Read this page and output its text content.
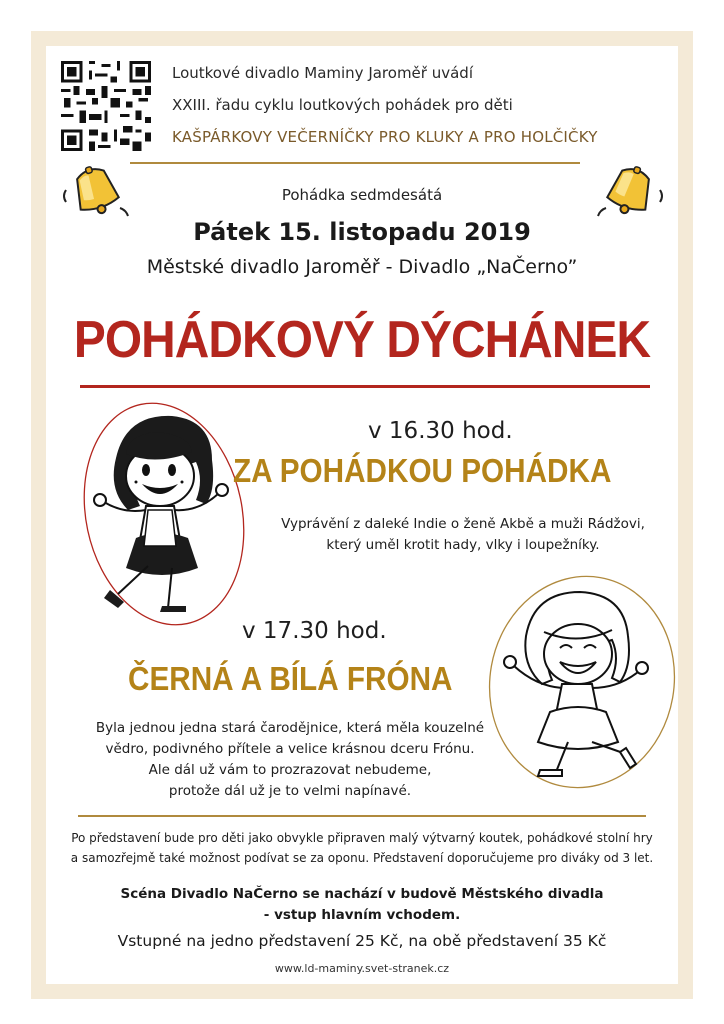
Loutkové divadlo Maminy Jaroměř uvádí
XXIII. řadu cyklu loutkových pohádek pro děti
KAŠPÁRKOVY VEČERNÍČKY PRO KLUKY A PRO HOLČIČKY
Pohádka sedmdesátá
Pátek 15. listopadu 2019
Městské divadlo Jaroměř - Divadlo „NaČerno”
POHÁDKOVÝ DÝCHÁNEK
v 16.30 hod.
ZA POHÁDKOU POHÁDKA
Vyprávění z daleké Indie o ženě Akbě a muži Rádžovi,
který uměl krotit hady, vlky i loupežníky.
v 17.30 hod.
ČERNÁ A BÍLÁ FRÓNA
Byla jednou jedna stará čarodějnice, která měla kouzelné
vědro, podivného přítele a velice krásnou dceru Frónu.
Ale dál už vám to prozrazovat nebudeme,
protože dál už je to velmi napínavé.
Po představení bude pro děti jako obvykle připraven malý výtvarný koutek, pohádkové stolní hry
a samozřejmě také možnost podívat se za oponu. Představení doporučujeme pro diváky od 3 let.
Scéna Divadlo NaČerno se nachází v budově Městského divadla
- vstup hlavním vchodem.
Vstupné na jedno představení 25 Kč, na obě představení 35 Kč
www.ld-maminy.svet-stranek.cz
